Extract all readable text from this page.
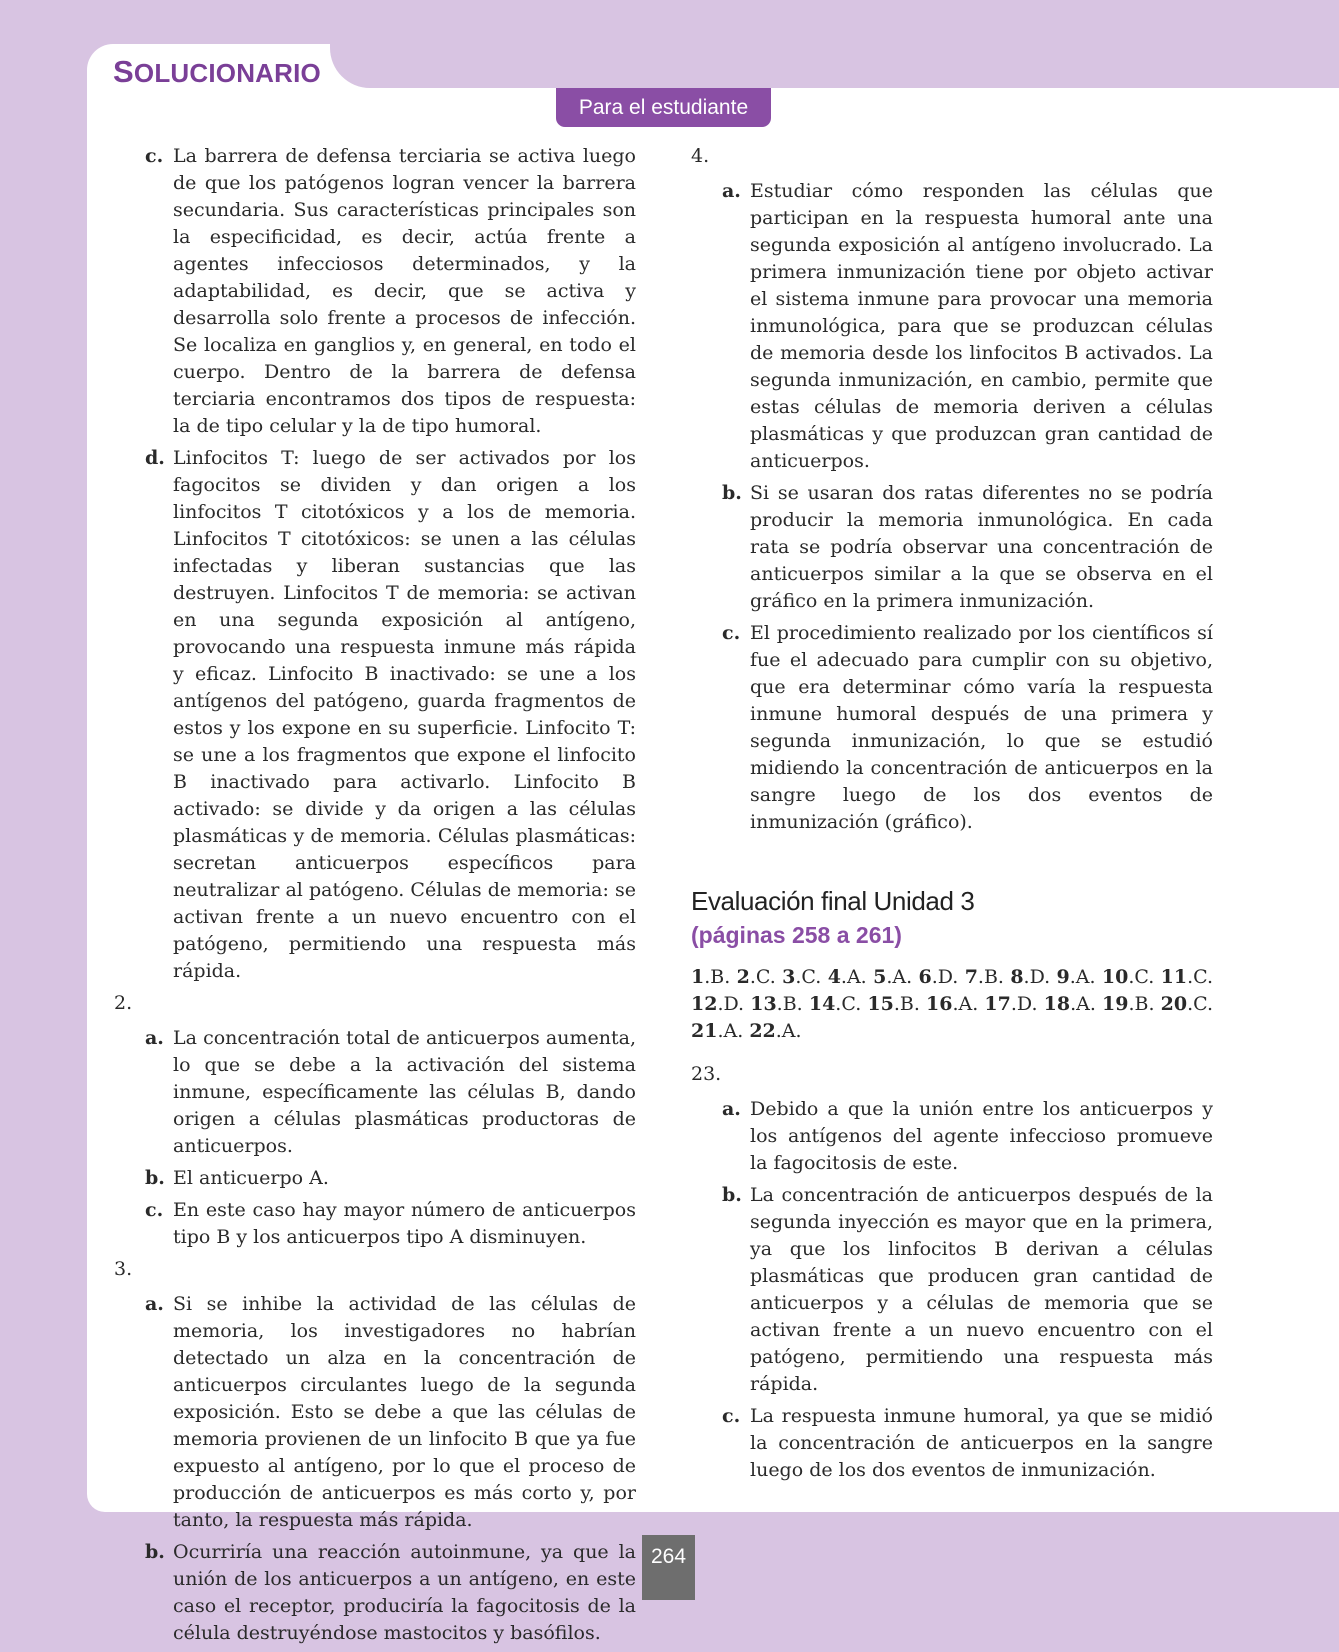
SOLUCIONARIO
Para el estudiante
c. La barrera de defensa terciaria se activa luego de que los patógenos logran vencer la barrera secundaria. Sus características principales son la especificidad, es decir, actúa frente a agentes infecciosos determinados, y la adaptabilidad, es decir, que se activa y desarrolla solo frente a procesos de infección. Se localiza en ganglios y, en general, en todo el cuerpo. Dentro de la barrera de defensa terciaria encontramos dos tipos de respuesta: la de tipo celular y la de tipo humoral.
d. Linfocitos T: luego de ser activados por los fagocitos se dividen y dan origen a los linfocitos T citotóxicos y a los de memoria. Linfocitos T citotóxicos: se unen a las células infectadas y liberan sustancias que las destruyen. Linfocitos T de memoria: se activan en una segunda exposición al antígeno, provocando una respuesta inmune más rápida y eficaz. Linfocito B inactivado: se une a los antígenos del patógeno, guarda fragmentos de estos y los expone en su superficie. Linfocito T: se une a los fragmentos que expone el linfocito B inactivado para activarlo. Linfocito B activado: se divide y da origen a las células plasmáticas y de memoria. Células plasmáticas: secretan anticuerpos específicos para neutralizar al patógeno. Células de memoria: se activan frente a un nuevo encuentro con el patógeno, permitiendo una respuesta más rápida.
2.
a. La concentración total de anticuerpos aumenta, lo que se debe a la activación del sistema inmune, específicamente las células B, dando origen a células plasmáticas productoras de anticuerpos.
b. El anticuerpo A.
c. En este caso hay mayor número de anticuerpos tipo B y los anticuerpos tipo A disminuyen.
3.
a. Si se inhibe la actividad de las células de memoria, los investigadores no habrían detectado un alza en la concentración de anticuerpos circulantes luego de la segunda exposición. Esto se debe a que las células de memoria provienen de un linfocito B que ya fue expuesto al antígeno, por lo que el proceso de producción de anticuerpos es más corto y, por tanto, la respuesta más rápida.
b. Ocurriría una reacción autoinmune, ya que la unión de los anticuerpos a un antígeno, en este caso el receptor, produciría la fagocitosis de la célula destruyéndose mastocitos y basófilos.
4.
a. Estudiar cómo responden las células que participan en la respuesta humoral ante una segunda exposición al antígeno involucrado. La primera inmunización tiene por objeto activar el sistema inmune para provocar una memoria inmunológica, para que se produzcan células de memoria desde los linfocitos B activados. La segunda inmunización, en cambio, permite que estas células de memoria deriven a células plasmáticas y que produzcan gran cantidad de anticuerpos.
b. Si se usaran dos ratas diferentes no se podría producir la memoria inmunológica. En cada rata se podría observar una concentración de anticuerpos similar a la que se observa en el gráfico en la primera inmunización.
c. El procedimiento realizado por los científicos sí fue el adecuado para cumplir con su objetivo, que era determinar cómo varía la respuesta inmune humoral después de una primera y segunda inmunización, lo que se estudió midiendo la concentración de anticuerpos en la sangre luego de los dos eventos de inmunización (gráfico).
Evaluación final Unidad 3
(páginas 258 a 261)
1.B. 2.C. 3.C. 4.A. 5.A. 6.D. 7.B. 8.D. 9.A. 10.C. 11.C. 12.D. 13.B. 14.C. 15.B. 16.A. 17.D. 18.A. 19.B. 20.C. 21.A. 22.A.
23.
a. Debido a que la unión entre los anticuerpos y los antígenos del agente infeccioso promueve la fagocitosis de este.
b. La concentración de anticuerpos después de la segunda inyección es mayor que en la primera, ya que los linfocitos B derivan a células plasmáticas que producen gran cantidad de anticuerpos y a células de memoria que se activan frente a un nuevo encuentro con el patógeno, permitiendo una respuesta más rápida.
c. La respuesta inmune humoral, ya que se midió la concentración de anticuerpos en la sangre luego de los dos eventos de inmunización.
264
